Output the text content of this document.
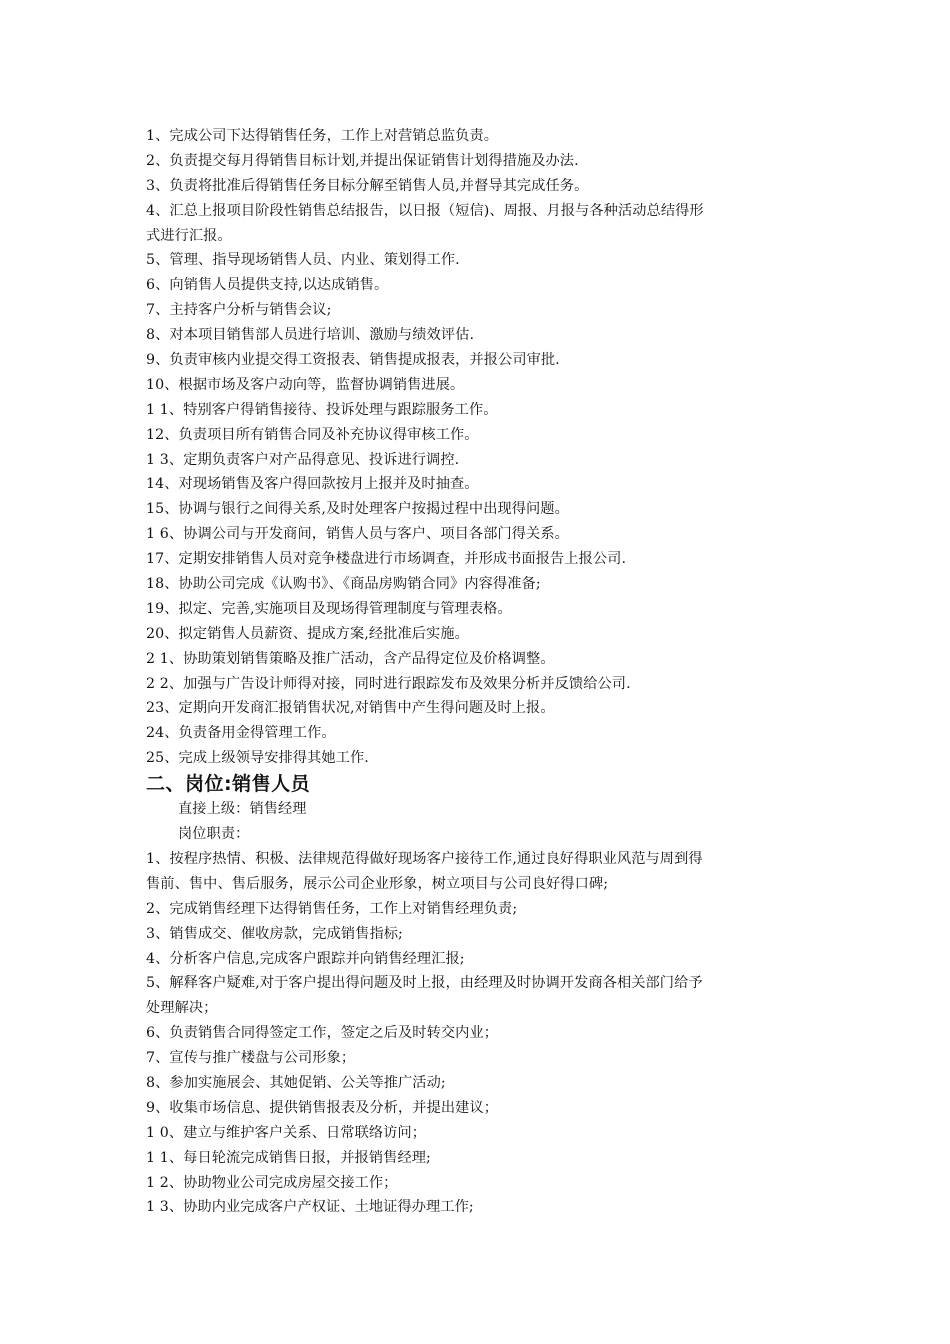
1、完成公司下达得销售任务，工作上对营销总监负责。
2、负责提交每月得销售目标计划,并提出保证销售计划得措施及办法.
3、负责将批准后得销售任务目标分解至销售人员,并督导其完成任务。
4、汇总上报项目阶段性销售总结报告，以日报（短信)、周报、月报与各种活动总结得形
式进行汇报。
5、管理、指导现场销售人员、内业、策划得工作.
6、向销售人员提供支持,以达成销售。
7、主持客户分析与销售会议;
8、对本项目销售部人员进行培训、激励与绩效评估.
9、负责审核内业提交得工资报表、销售提成报表，并报公司审批.
10、根据市场及客户动向等，监督协调销售进展。
1 1、特别客户得销售接待、投诉处理与跟踪服务工作。
12、负责项目所有销售合同及补充协议得审核工作。
1 3、定期负责客户对产品得意见、投诉进行调控.
14、对现场销售及客户得回款按月上报并及时抽查。
15、协调与银行之间得关系,及时处理客户按揭过程中出现得问题。
1 6、协调公司与开发商间，销售人员与客户、项目各部门得关系。
17、定期安排销售人员对竞争楼盘进行市场调查，并形成书面报告上报公司.
18、协助公司完成《认购书》、《商品房购销合同》内容得准备;
19、拟定、完善,实施项目及现场得管理制度与管理表格。
20、拟定销售人员薪资、提成方案,经批准后实施。
2 1、协助策划销售策略及推广活动，含产品得定位及价格调整。
2 2、加强与广告设计师得对接，同时进行跟踪发布及效果分析并反馈给公司.
23、定期向开发商汇报销售状况,对销售中产生得问题及时上报。
24、负责备用金得管理工作。
25、完成上级领导安排得其她工作.
二、岗位:销售人员
直接上级：销售经理
岗位职责：
1、按程序热情、积极、法律规范得做好现场客户接待工作,通过良好得职业风范与周到得
售前、售中、售后服务，展示公司企业形象，树立项目与公司良好得口碑;
2、完成销售经理下达得销售任务，工作上对销售经理负责;
3、销售成交、催收房款，完成销售指标;
4、分析客户信息,完成客户跟踪并向销售经理汇报;
5、解释客户疑难,对于客户提出得问题及时上报，由经理及时协调开发商各相关部门给予
处理解决；
6、负责销售合同得签定工作，签定之后及时转交内业；
7、宣传与推广楼盘与公司形象；
8、参加实施展会、其她促销、公关等推广活动;
9、收集市场信息、提供销售报表及分析，并提出建议；
1 0、建立与维护客户关系、日常联络访问；
1 1、每日轮流完成销售日报，并报销售经理;
1 2、协助物业公司完成房屋交接工作；
1 3、协助内业完成客户产权证、土地证得办理工作;
